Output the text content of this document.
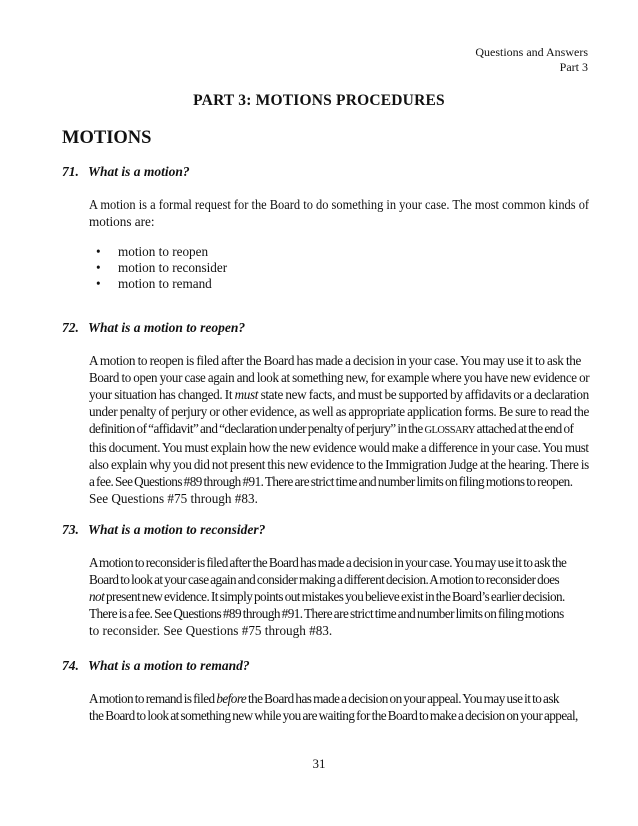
Questions and Answers
Part 3
PART 3: MOTIONS PROCEDURES
MOTIONS
71. What is a motion?
A motion is a formal request for the Board to do something in your case. The most common kinds of

motions are:
• motion to reopen
• motion to reconsider
• motion to remand
72. What is a motion to reopen?
A motion to reopen is filed after the Board has made a decision in your case. You may use it to ask the
Board to open your case again and look at something new, for example where you have new evidence or

your situation has changed. It must state new facts, and must be supported by affidavits or a declaration
under penalty of perjury or other evidence, as well as appropriate application forms. Be sure to read the
definition of “affidavit” and “declaration under penalty of perjury” in the GLOSSARY attached at the end of
this document. You must explain how the new evidence would make a difference in your case. You must
also explain why you did not present this new evidence to the Immigration Judge at the hearing. There is

a fee. See Questions #89 through #91. There are strict time and number limits on filing motions to reopen.
See Questions #75 through #83.
73. What is a motion to reconsider?
A motion to reconsider is filed after the Board has made a decision in your case. You may use it to ask the
Board to look at your case again and consider making a different decision. A motion to reconsider does
not present new evidence. It simply points out mistakes you believe exist in the Board’s earlier decision.
There is a fee. See Questions #89 through #91. There are strict time and number limits on filing motions
to reconsider. See Questions #75 through #83.
74. What is a motion to remand?
A motion to remand is filed before the Board has made a decision on your appeal. You may use it to ask
the Board to look at something new while you are waiting for the Board to make a decision on your appeal,
31
